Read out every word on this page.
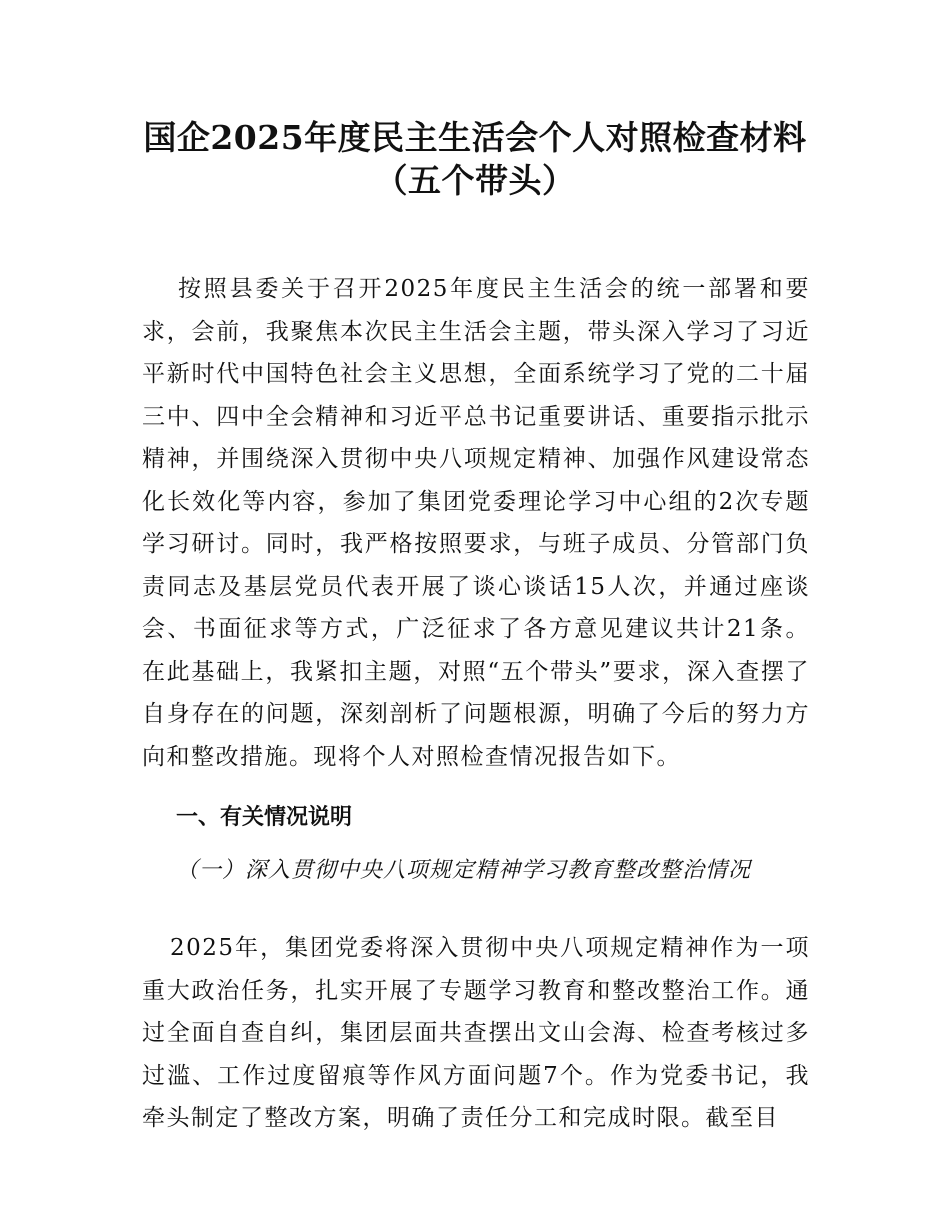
国企2025年度民主生活会个人对照检查材料
（五个带头）

按照县委关于召开2025年度民主生活会的统一部署和要求，会前，我聚焦本次民主生活会主题，带头深入学习了习近平新时代中国特色社会主义思想，全面系统学习了党的二十届三中、四中全会精神和习近平总书记重要讲话、重要指示批示精神，并围绕深入贯彻中央八项规定精神、加强作风建设常态化长效化等内容，参加了集团党委理论学习中心组的2次专题学习研讨。同时，我严格按照要求，与班子成员、分管部门负责同志及基层党员代表开展了谈心谈话15人次，并通过座谈会、书面征求等方式，广泛征求了各方意见建议共计21条。在此基础上，我紧扣主题，对照“五个带头”要求，深入查摆了自身存在的问题，深刻剖析了问题根源，明确了今后的努力方向和整改措施。现将个人对照检查情况报告如下。

一、有关情况说明

（一）深入贯彻中央八项规定精神学习教育整改整治情况

2025年，集团党委将深入贯彻中央八项规定精神作为一项重大政治任务，扎实开展了专题学习教育和整改整治工作。通过全面自查自纠，集团层面共查摆出文山会海、检查考核过多过滥、工作过度留痕等作风方面问题7个。作为党委书记，我牵头制定了整改方案，明确了责任分工和完成时限。截至目
